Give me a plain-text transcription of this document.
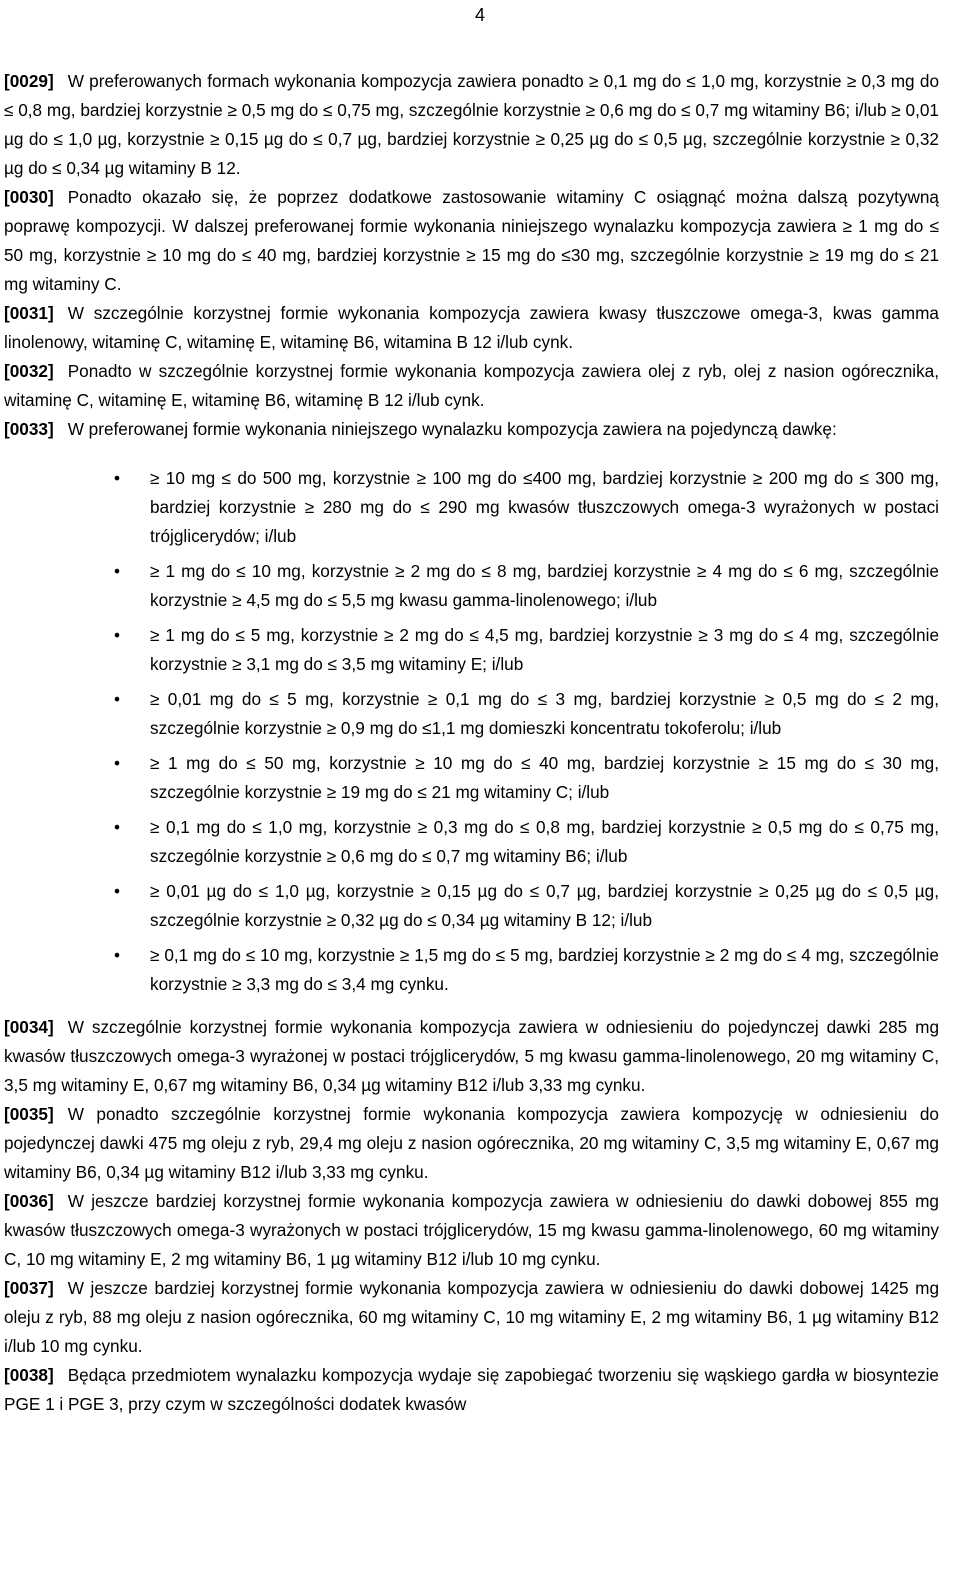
4

[0029] W preferowanych formach wykonania kompozycja zawiera ponadto ≥ 0,1 mg do ≤ 1,0 mg, korzystnie ≥ 0,3 mg do ≤ 0,8 mg, bardziej korzystnie ≥ 0,5 mg do ≤ 0,75 mg, szczególnie korzystnie ≥ 0,6 mg do ≤ 0,7 mg witaminy B6; i/lub ≥ 0,01 µg do ≤ 1,0 µg, korzystnie ≥ 0,15 µg do ≤ 0,7 µg, bardziej korzystnie ≥ 0,25 µg do ≤ 0,5 µg, szczególnie korzystnie ≥ 0,32 µg do ≤ 0,34 µg witaminy B 12.

[0030] Ponadto okazało się, że poprzez dodatkowe zastosowanie witaminy C osiągnąć można dalszą pozytywną poprawę kompozycji. W dalszej preferowanej formie wykonania niniejszego wynalazku kompozycja zawiera ≥ 1 mg do ≤ 50 mg, korzystnie ≥ 10 mg do ≤ 40 mg, bardziej korzystnie ≥ 15 mg do ≤30 mg, szczególnie korzystnie ≥ 19 mg do ≤ 21 mg witaminy C.

[0031] W szczególnie korzystnej formie wykonania kompozycja zawiera kwasy tłuszczowe omega-3, kwas gamma linolenowy, witaminę C, witaminę E, witaminę B6, witamina B 12 i/lub cynk.

[0032] Ponadto w szczególnie korzystnej formie wykonania kompozycja zawiera olej z ryb, olej z nasion ogórecznika, witaminę C, witaminę E, witaminę B6, witaminę B 12 i/lub cynk.

[0033] W preferowanej formie wykonania niniejszego wynalazku kompozycja zawiera na pojedynczą dawkę:

• ≥ 10 mg ≤ do 500 mg, korzystnie ≥ 100 mg do ≤400 mg, bardziej korzystnie ≥ 200 mg do ≤ 300 mg, bardziej korzystnie ≥ 280 mg do ≤ 290 mg kwasów tłuszczowych omega-3 wyrażonych w postaci trójglicerydów; i/lub
• ≥ 1 mg do ≤ 10 mg, korzystnie ≥ 2 mg do ≤ 8 mg, bardziej korzystnie ≥ 4 mg do ≤ 6 mg, szczególnie korzystnie ≥ 4,5 mg do ≤ 5,5 mg kwasu gamma-linolenowego; i/lub
• ≥ 1 mg do ≤ 5 mg, korzystnie ≥ 2 mg do ≤ 4,5 mg, bardziej korzystnie ≥ 3 mg do ≤ 4 mg, szczególnie korzystnie ≥ 3,1 mg do ≤ 3,5 mg witaminy E; i/lub
• ≥ 0,01 mg do ≤ 5 mg, korzystnie ≥ 0,1 mg do ≤ 3 mg, bardziej korzystnie ≥ 0,5 mg do ≤ 2 mg, szczególnie korzystnie ≥ 0,9 mg do ≤1,1 mg domieszki koncentratu tokoferolu; i/lub
• ≥ 1 mg do ≤ 50 mg, korzystnie ≥ 10 mg do ≤ 40 mg, bardziej korzystnie ≥ 15 mg do ≤ 30 mg, szczególnie korzystnie ≥ 19 mg do ≤ 21 mg witaminy C; i/lub
• ≥ 0,1 mg do ≤ 1,0 mg, korzystnie ≥ 0,3 mg do ≤ 0,8 mg, bardziej korzystnie ≥ 0,5 mg do ≤ 0,75 mg, szczególnie korzystnie ≥ 0,6 mg do ≤ 0,7 mg witaminy B6; i/lub
• ≥ 0,01 µg do ≤ 1,0 µg, korzystnie ≥ 0,15 µg do ≤ 0,7 µg, bardziej korzystnie ≥ 0,25 µg do ≤ 0,5 µg, szczególnie korzystnie ≥ 0,32 µg do ≤ 0,34 µg witaminy B 12; i/lub
• ≥ 0,1 mg do ≤ 10 mg, korzystnie ≥ 1,5 mg do ≤ 5 mg, bardziej korzystnie ≥ 2 mg do ≤ 4 mg, szczególnie korzystnie ≥ 3,3 mg do ≤ 3,4 mg cynku.

[0034] W szczególnie korzystnej formie wykonania kompozycja zawiera w odniesieniu do pojedynczej dawki 285 mg kwasów tłuszczowych omega-3 wyrażonej w postaci trójglicerydów, 5 mg kwasu gamma-linolenowego, 20 mg witaminy C, 3,5 mg witaminy E, 0,67 mg witaminy B6, 0,34 µg witaminy B12 i/lub 3,33 mg cynku.

[0035] W ponadto szczególnie korzystnej formie wykonania kompozycja zawiera kompozycję w odniesieniu do pojedynczej dawki 475 mg oleju z ryb, 29,4 mg oleju z nasion ogórecznika, 20 mg witaminy C, 3,5 mg witaminy E, 0,67 mg witaminy B6, 0,34 µg witaminy B12 i/lub 3,33 mg cynku.

[0036] W jeszcze bardziej korzystnej formie wykonania kompozycja zawiera w odniesieniu do dawki dobowej 855 mg kwasów tłuszczowych omega-3 wyrażonych w postaci trójglicerydów, 15 mg kwasu gamma-linolenowego, 60 mg witaminy C, 10 mg witaminy E, 2 mg witaminy B6, 1 µg witaminy B12 i/lub 10 mg cynku.

[0037] W jeszcze bardziej korzystnej formie wykonania kompozycja zawiera w odniesieniu do dawki dobowej 1425 mg oleju z ryb, 88 mg oleju z nasion ogórecznika, 60 mg witaminy C, 10 mg witaminy E, 2 mg witaminy B6, 1 µg witaminy B12 i/lub 10 mg cynku.

[0038] Będąca przedmiotem wynalazku kompozycja wydaje się zapobiegać tworzeniu się wąskiego gardła w biosyntezie PGE 1 i PGE 3, przy czym w szczególności dodatek kwasów
